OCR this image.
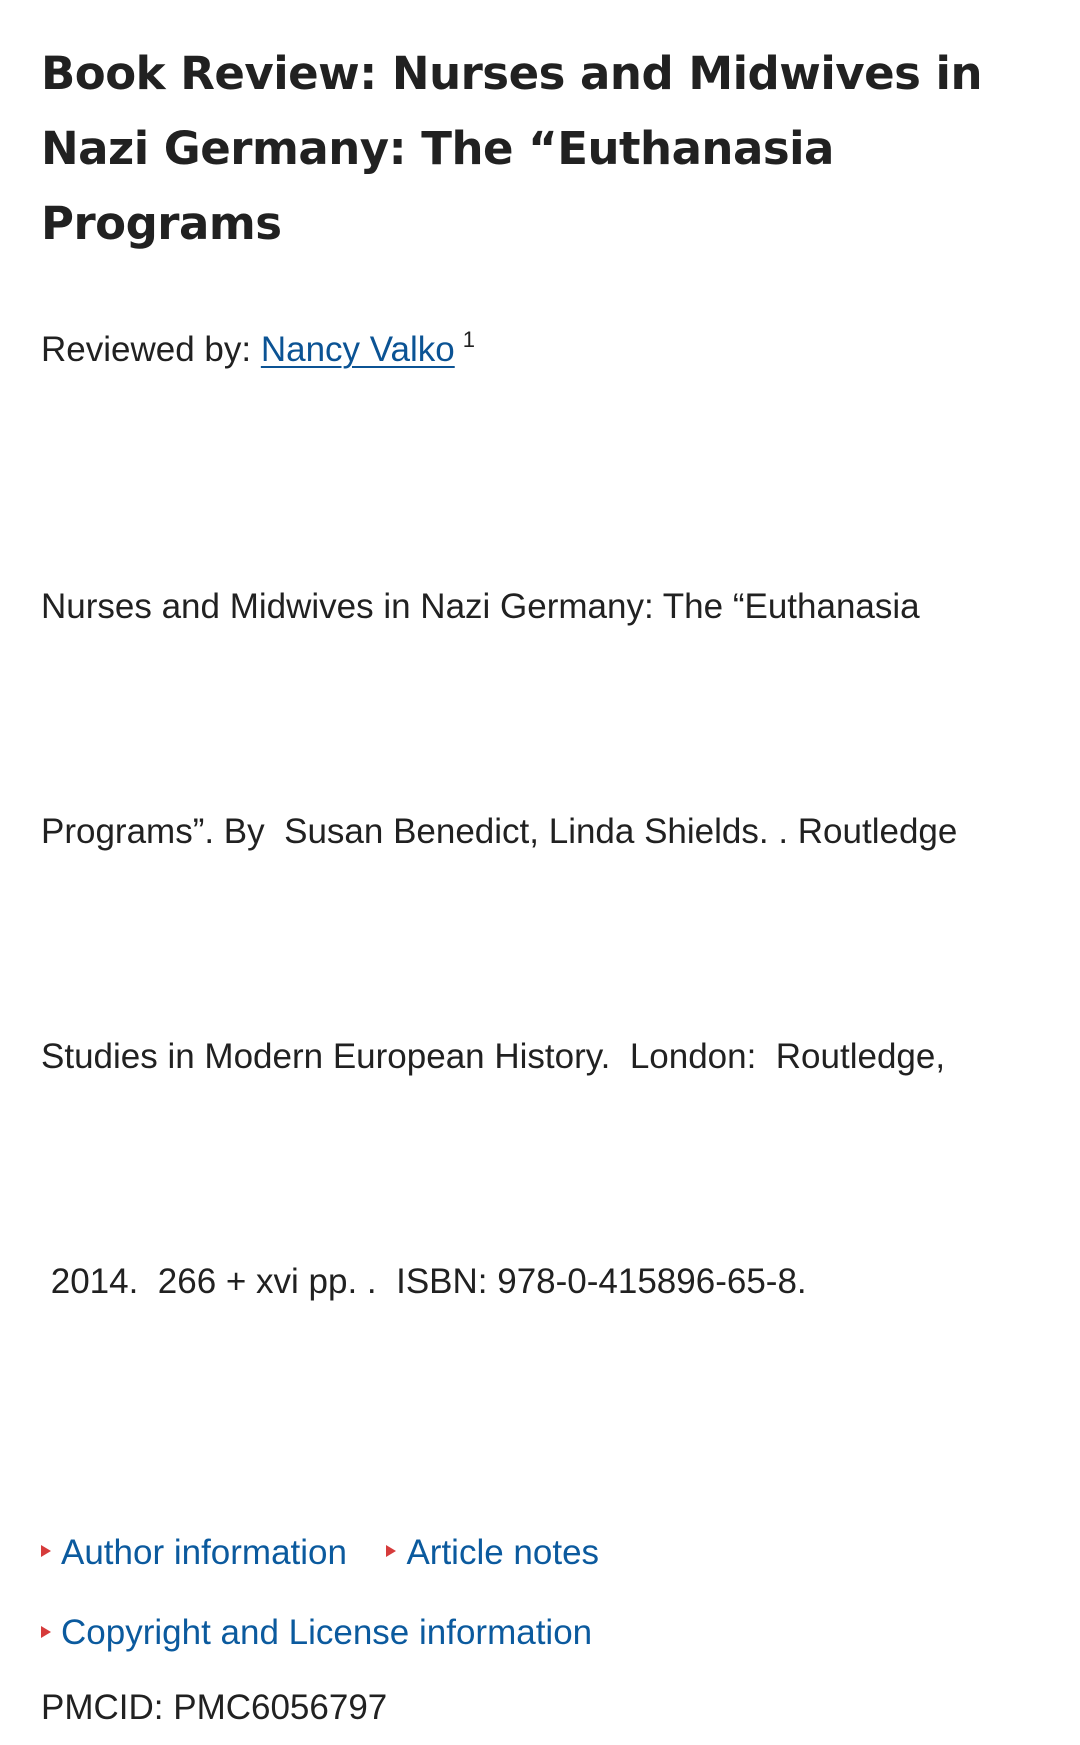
Book Review: Nurses and Midwives in Nazi Germany: The “Euthanasia Programs
Reviewed by: Nancy Valko $^1$

Nurses and Midwives in Nazi Germany: The “Euthanasia

Programs”. By  Susan Benedict, Linda Shields. . Routledge

Studies in Modern European History.  London:  Routledge,

2014.  266 + xvi pp. .  ISBN: 978-0-415896-65-8.

Author information
Article notes
Copyright and License information
PMCID: PMC6056797
